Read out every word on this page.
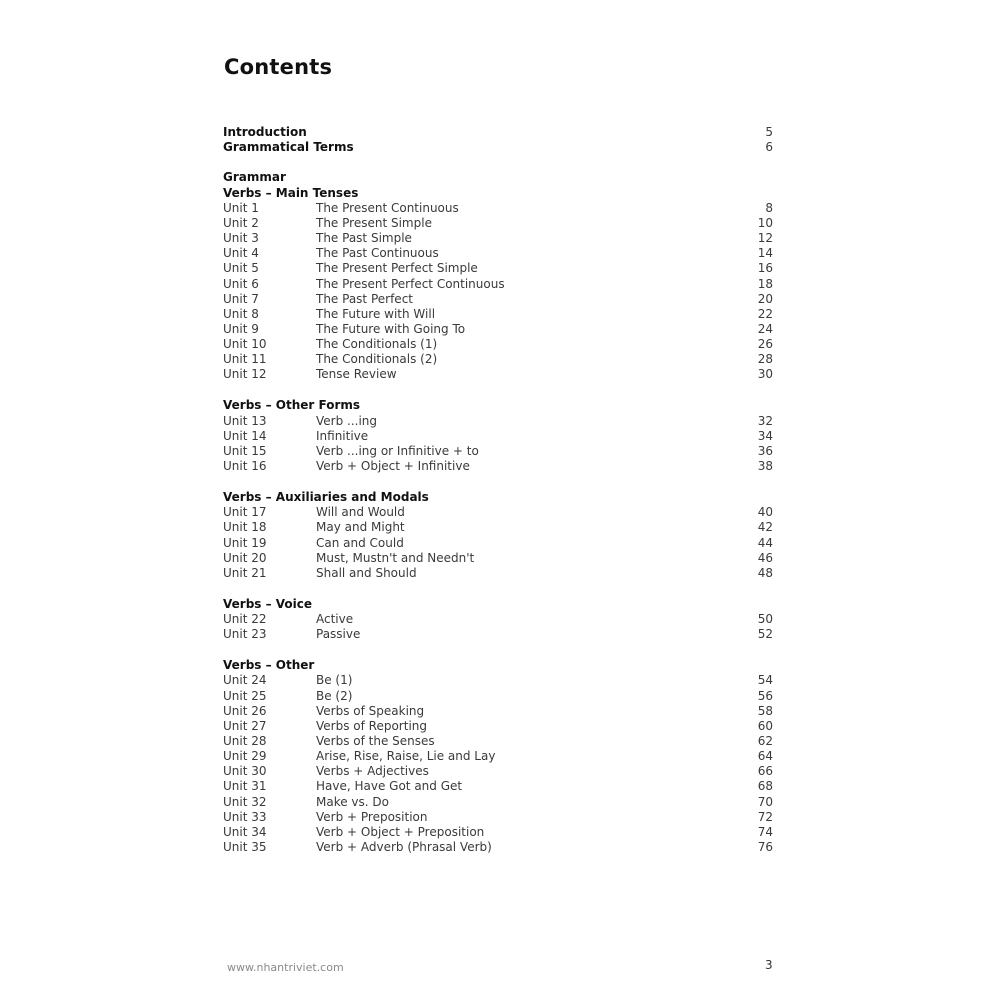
Contents
Introduction	5
Grammatical Terms	6
Grammar
Verbs – Main Tenses
Unit 1	The Present Continuous	8
Unit 2	The Present Simple	10
Unit 3	The Past Simple	12
Unit 4	The Past Continuous	14
Unit 5	The Present Perfect Simple	16
Unit 6	The Present Perfect Continuous	18
Unit 7	The Past Perfect	20
Unit 8	The Future with Will	22
Unit 9	The Future with Going To	24
Unit 10	The Conditionals (1)	26
Unit 11	The Conditionals (2)	28
Unit 12	Tense Review	30
Verbs – Other Forms
Unit 13	Verb ...ing	32
Unit 14	Infinitive	34
Unit 15	Verb ...ing or Infinitive + to	36
Unit 16	Verb + Object + Infinitive	38
Verbs – Auxiliaries and Modals
Unit 17	Will and Would	40
Unit 18	May and Might	42
Unit 19	Can and Could	44
Unit 20	Must, Mustn't and Needn't	46
Unit 21	Shall and Should	48
Verbs – Voice
Unit 22	Active	50
Unit 23	Passive	52
Verbs – Other
Unit 24	Be (1)	54
Unit 25	Be (2)	56
Unit 26	Verbs of Speaking	58
Unit 27	Verbs of Reporting	60
Unit 28	Verbs of the Senses	62
Unit 29	Arise, Rise, Raise, Lie and Lay	64
Unit 30	Verbs + Adjectives	66
Unit 31	Have, Have Got and Get	68
Unit 32	Make vs. Do	70
Unit 33	Verb + Preposition	72
Unit 34	Verb + Object + Preposition	74
Unit 35	Verb + Adverb (Phrasal Verb)	76
www.nhantriviet.com	3
